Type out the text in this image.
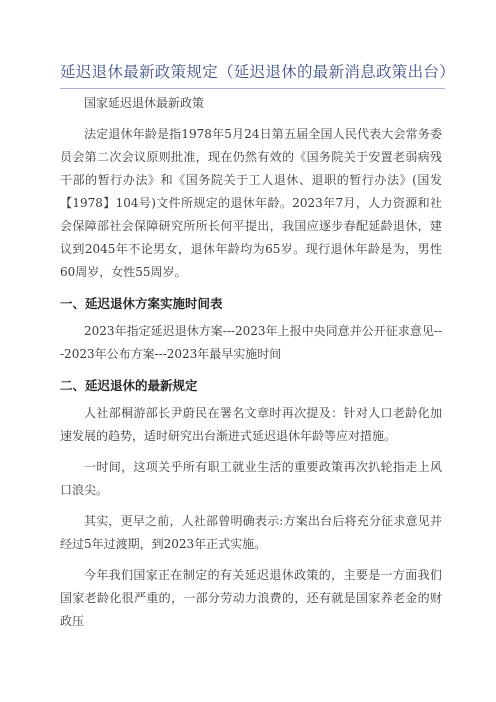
延迟退休最新政策规定（延迟退休的最新消息政策出台）

国家延迟退休最新政策

法定退休年龄是指1978年5月24日第五届全国人民代表大会常务委员会第二次会议原则批准，现在仍然有效的《国务院关于安置老弱病残干部的暂行办法》和《国务院关于工人退休、退职的暂行办法》(国发【1978】104号)文件所规定的退休年龄。2023年7月，人力资源和社会保障部社会保障研究所所长何平提出，我国应逐步春配延龄退休，建议到2045年不论男女，退休年龄均为65岁。现行退休年龄是为，男性60周岁，女性55周岁。

一、延迟退休方案实施时间表

2023年指定延迟退休方案---2023年上报中央同意并公开征求意见---2023年公布方案---2023年最早实施时间

二、延迟退休的最新规定

人社部桐游部长尹蔚民在署名文章时再次提及：针对人口老龄化加速发展的趋势，适时研究出台渐进式延迟退休年龄等应对措施。

一时间，这项关乎所有职工就业生活的重要政策再次扒轮指走上风口浪尖。

其实，更早之前，人社部曾明确表示:方案出台后将充分征求意见并经过5年过渡期，到2023年正式实施。

今年我们国家正在制定的有关延迟退休政策的，主要是一方面我们国家老龄化很严重的，一部分劳动力浪费的，还有就是国家养老金的财政压
